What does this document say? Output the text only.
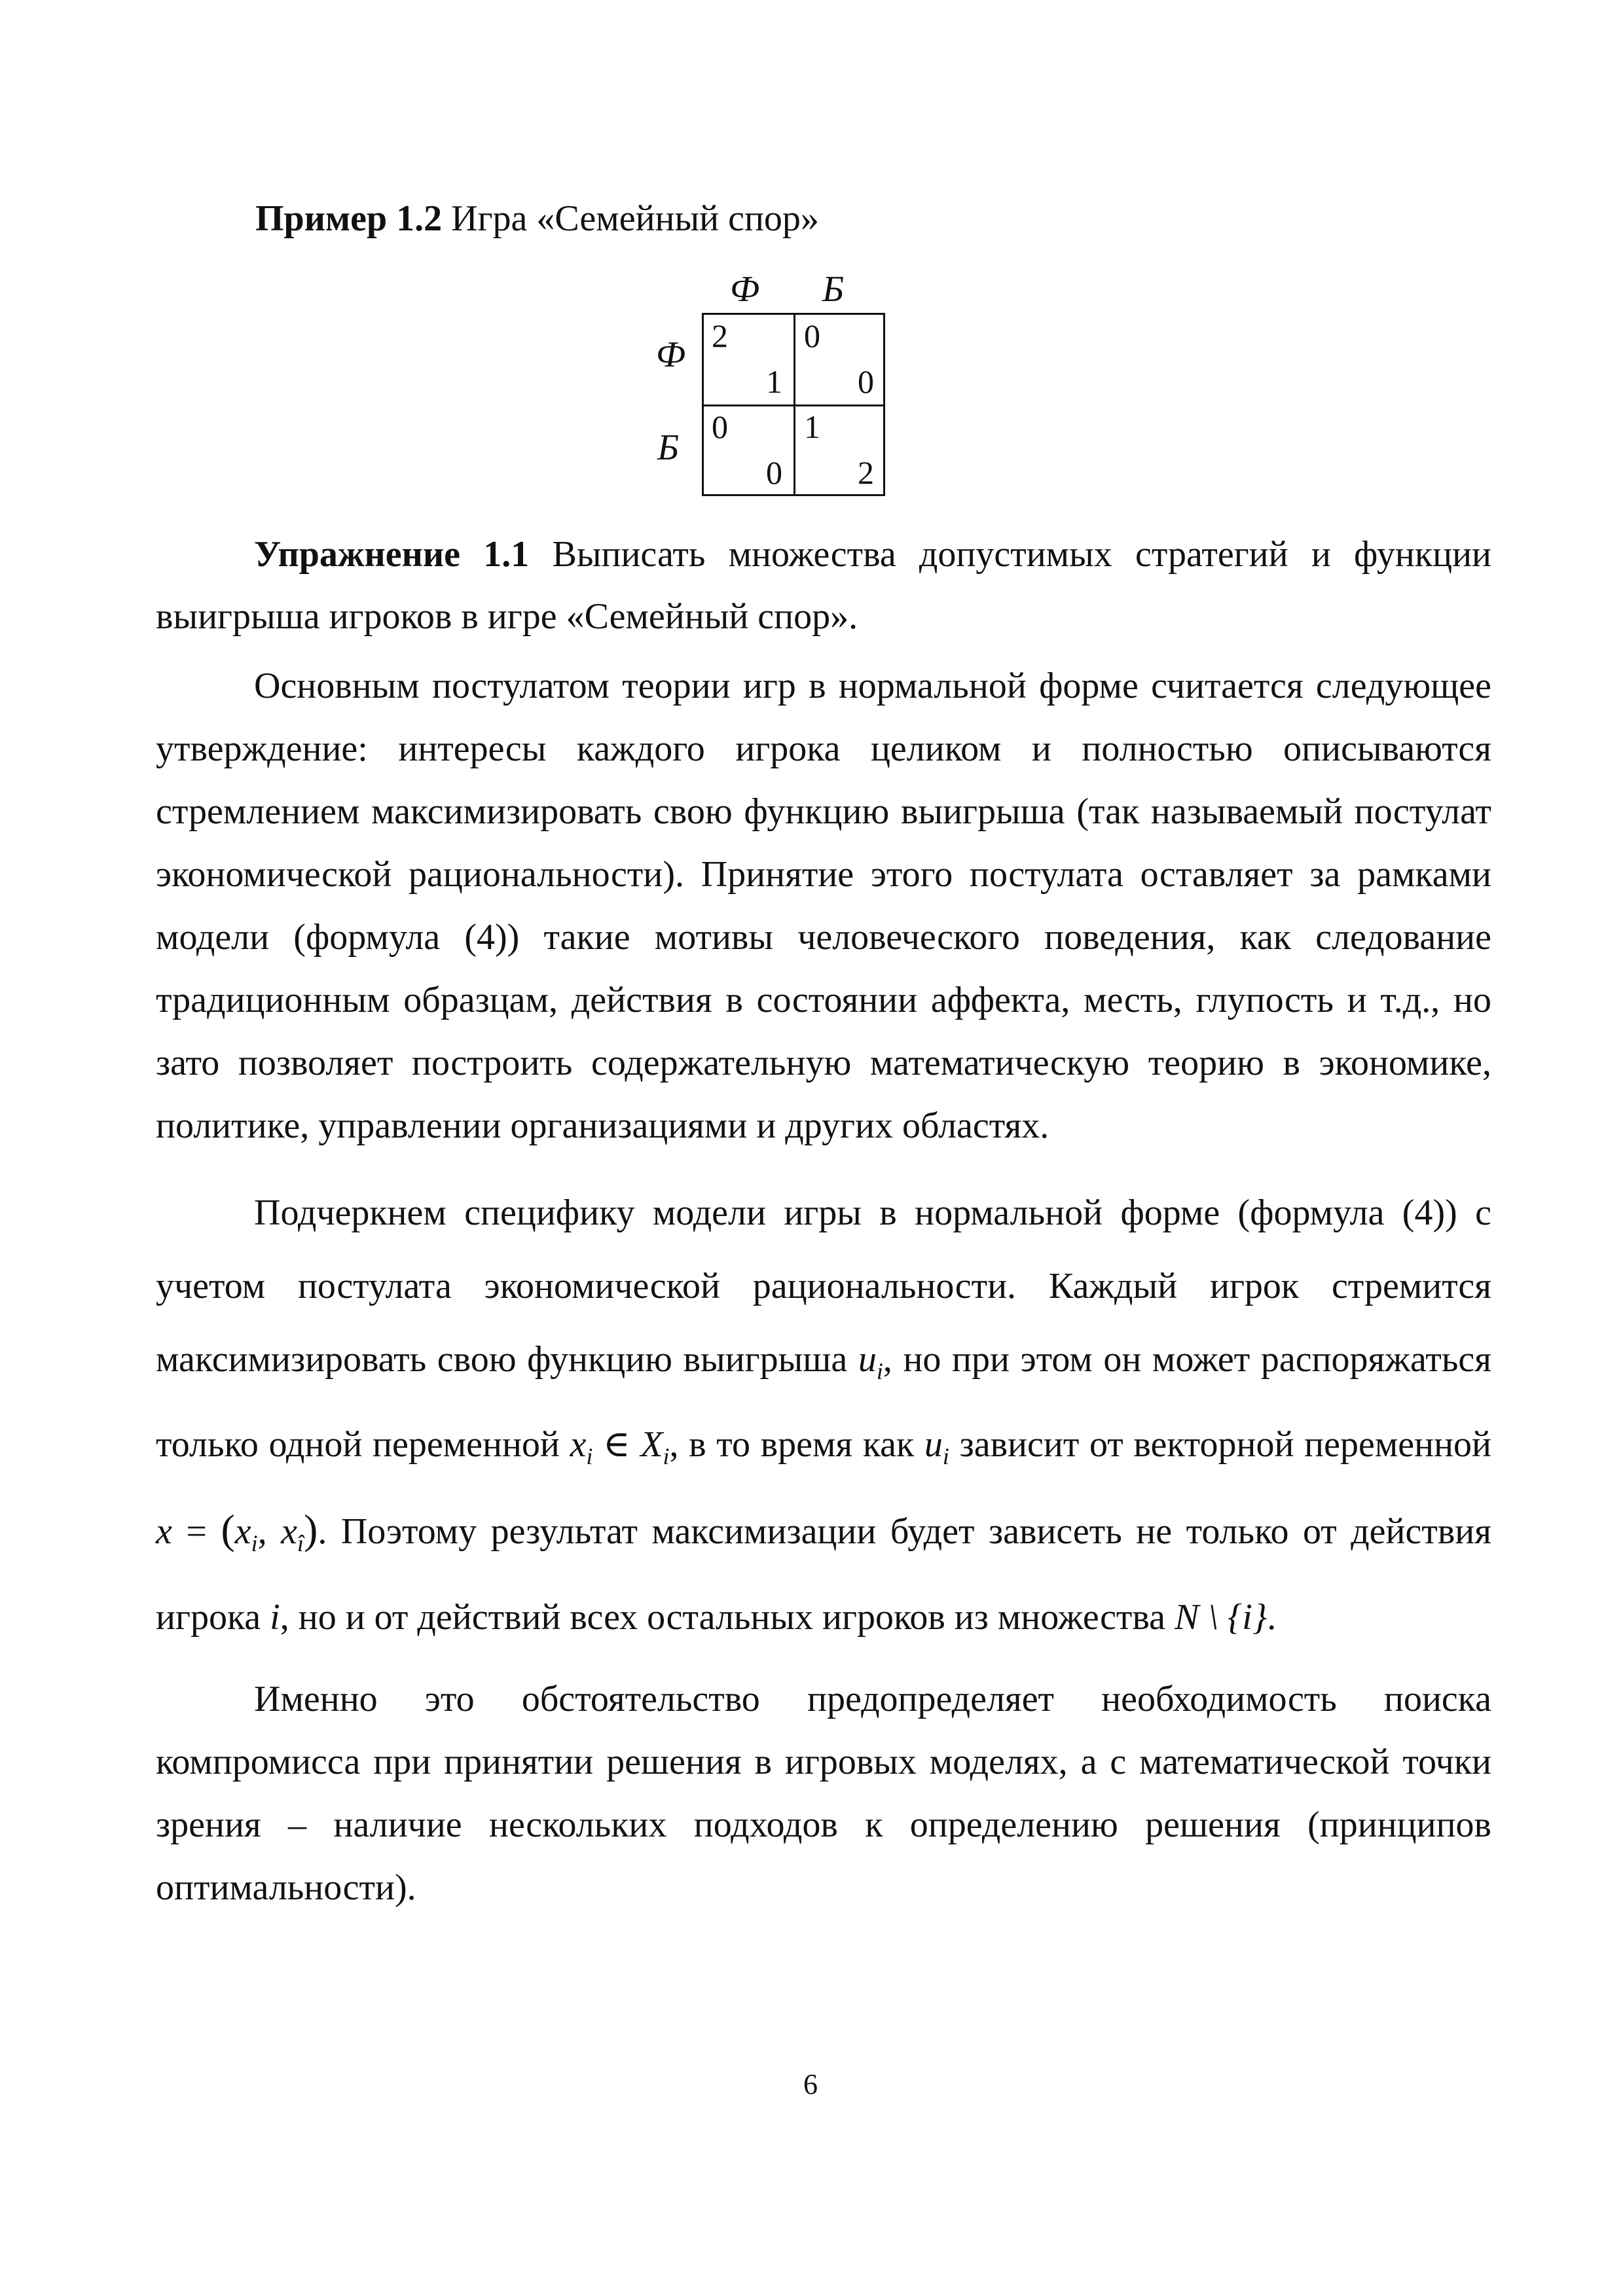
Пример 1.2 Игра «Семейный спор»
Ф Б
Ф
Б
2
1
0
0
0
0
1
2
Упражнение 1.1 Выписать множества допустимых стратегий и функции выигрыша игроков в игре «Семейный спор».
Основным постулатом теории игр в нормальной форме считается следующее утверждение: интересы каждого игрока целиком и полностью описываются стремлением максимизировать свою функцию выигрыша (так называемый постулат экономической рациональности). Принятие этого постулата оставляет за рамками модели (формула (4)) такие мотивы человеческого поведения, как следование традиционным образцам, действия в состоянии аффекта, месть, глупость и т.д., но зато позволяет построить содержательную математическую теорию в экономике, политике, управлении организациями и других областях.
Подчеркнем специфику модели игры в нормальной форме (формула (4)) с учетом постулата экономической рациональности. Каждый игрок стремится максимизировать свою функцию выигрыша $u_i$, но при этом он может распоряжаться только одной переменной $x_i$ ∈ $X_i$, в то время как $u_i$ зависит от векторной переменной $x = (x_i$, $x_î$). Поэтому результат максимизации будет зависеть не только от действия игрока i, но и от действий всех остальных игроков из множества N \ {i}.
Именно это обстоятельство предопределяет необходимость поиска компромисса при принятии решения в игровых моделях, а с математической точки зрения – наличие нескольких подходов к определению решения (принципов оптимальности).
6
